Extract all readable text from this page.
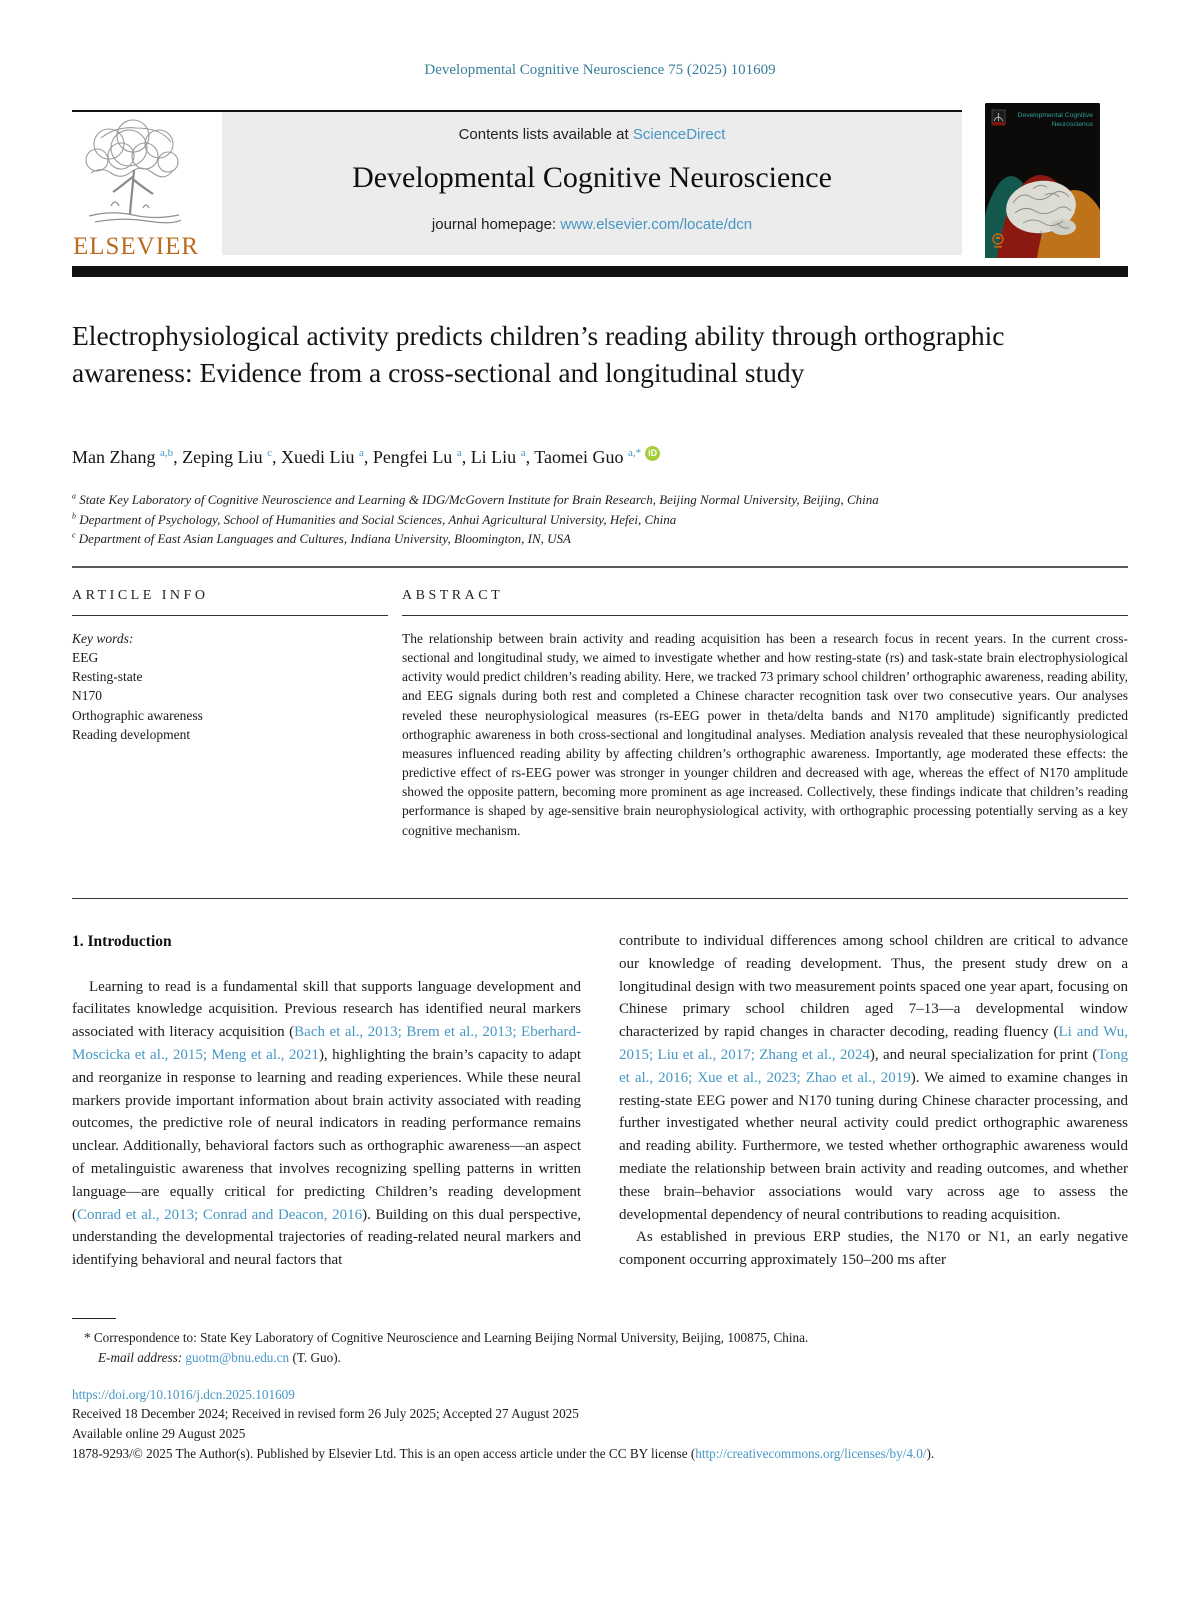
Developmental Cognitive Neuroscience 75 (2025) 101609
ELSEVIER
Contents lists available at ScienceDirect
Developmental Cognitive Neuroscience
journal homepage: www.elsevier.com/locate/dcn
Developmental Cognitive
Neuroscience
Electrophysiological activity predicts children’s reading ability through orthographic awareness: Evidence from a cross-sectional and longitudinal study
Man Zhang $^{a,b}$, Zeping Liu $^c$, Xuedi Liu $^a$, Pengfei Lu $^a$, Li Liu $^a$, Taomei Guo $^{a,*}$ iD

$^a$ State Key Laboratory of Cognitive Neuroscience and Learning & IDG/McGovern Institute for Brain Research, Beijing Normal University, Beijing, China

$^b$ Department of Psychology, School of Humanities and Social Sciences, Anhui Agricultural University, Hefei, China

$^c$ Department of East Asian Languages and Cultures, Indiana University, Bloomington, IN, USA

ARTICLE INFO
Key words:
EEG
Resting-state
N170
Orthographic awareness
Reading development
ABSTRACT
The relationship between brain activity and reading acquisition has been a research focus in recent years. In the current cross-sectional and longitudinal study, we aimed to investigate whether and how resting-state (rs) and task-state brain electrophysiological activity would predict children’s reading ability. Here, we tracked 73 primary school children’ orthographic awareness, reading ability, and EEG signals during both rest and completed a Chinese character recognition task over two consecutive years. Our analyses reveled these neurophysiological measures (rs-EEG power in theta/delta bands and N170 amplitude) significantly predicted orthographic awareness in both cross-sectional and longitudinal analyses. Mediation analysis revealed that these neurophysiological measures influenced reading ability by affecting children’s orthographic awareness. Importantly, age moderated these effects: the predictive effect of rs-EEG power was stronger in younger children and decreased with age, whereas the effect of N170 amplitude showed the opposite pattern, becoming more prominent as age increased. Collectively, these findings indicate that children’s reading performance is shaped by age-sensitive brain neurophysiological activity, with orthographic processing potentially serving as a key cognitive mechanism.
1. Introduction

Learning to read is a fundamental skill that supports language development and facilitates knowledge acquisition. Previous research has identified neural markers associated with literacy acquisition (Bach et al., 2013; Brem et al., 2013; Eberhard-Moscicka et al., 2015; Meng et al., 2021), highlighting the brain’s capacity to adapt and reorganize in response to learning and reading experiences. While these neural markers provide important information about brain activity associated with reading outcomes, the predictive role of neural indicators in reading performance remains unclear. Additionally, behavioral factors such as orthographic awareness—an aspect of metalinguistic awareness that involves recognizing spelling patterns in written language—are equally critical for predicting Children’s reading development (Conrad et al., 2013; Conrad and Deacon, 2016). Building on this dual perspective, understanding the developmental trajectories of reading-related neural markers and identifying behavioral and neural factors that

contribute to individual differences among school children are critical to advance our knowledge of reading development. Thus, the present study drew on a longitudinal design with two measurement points spaced one year apart, focusing on Chinese primary school children aged 7–13—a developmental window characterized by rapid changes in character decoding, reading fluency (Li and Wu, 2015; Liu et al., 2017; Zhang et al., 2024), and neural specialization for print (Tong et al., 2016; Xue et al., 2023; Zhao et al., 2019). We aimed to examine changes in resting-state EEG power and N170 tuning during Chinese character processing, and further investigated whether neural activity could predict orthographic awareness and reading ability. Furthermore, we tested whether orthographic awareness would mediate the relationship between brain activity and reading outcomes, and whether these brain–behavior associations would vary across age to assess the developmental dependency of neural contributions to reading acquisition.

As established in previous ERP studies, the N170 or N1, an early negative component occurring approximately 150–200 ms after

* Correspondence to: State Key Laboratory of Cognitive Neuroscience and Learning Beijing Normal University, Beijing, 100875, China.

E-mail address: guotm@bnu.edu.cn (T. Guo).

https://doi.org/10.1016/j.dcn.2025.101609
Received 18 December 2024; Received in revised form 26 July 2025; Accepted 27 August 2025
Available online 29 August 2025
1878-9293/© 2025 The Author(s). Published by Elsevier Ltd. This is an open access article under the CC BY license (http://creativecommons.org/licenses/by/4.0/).
